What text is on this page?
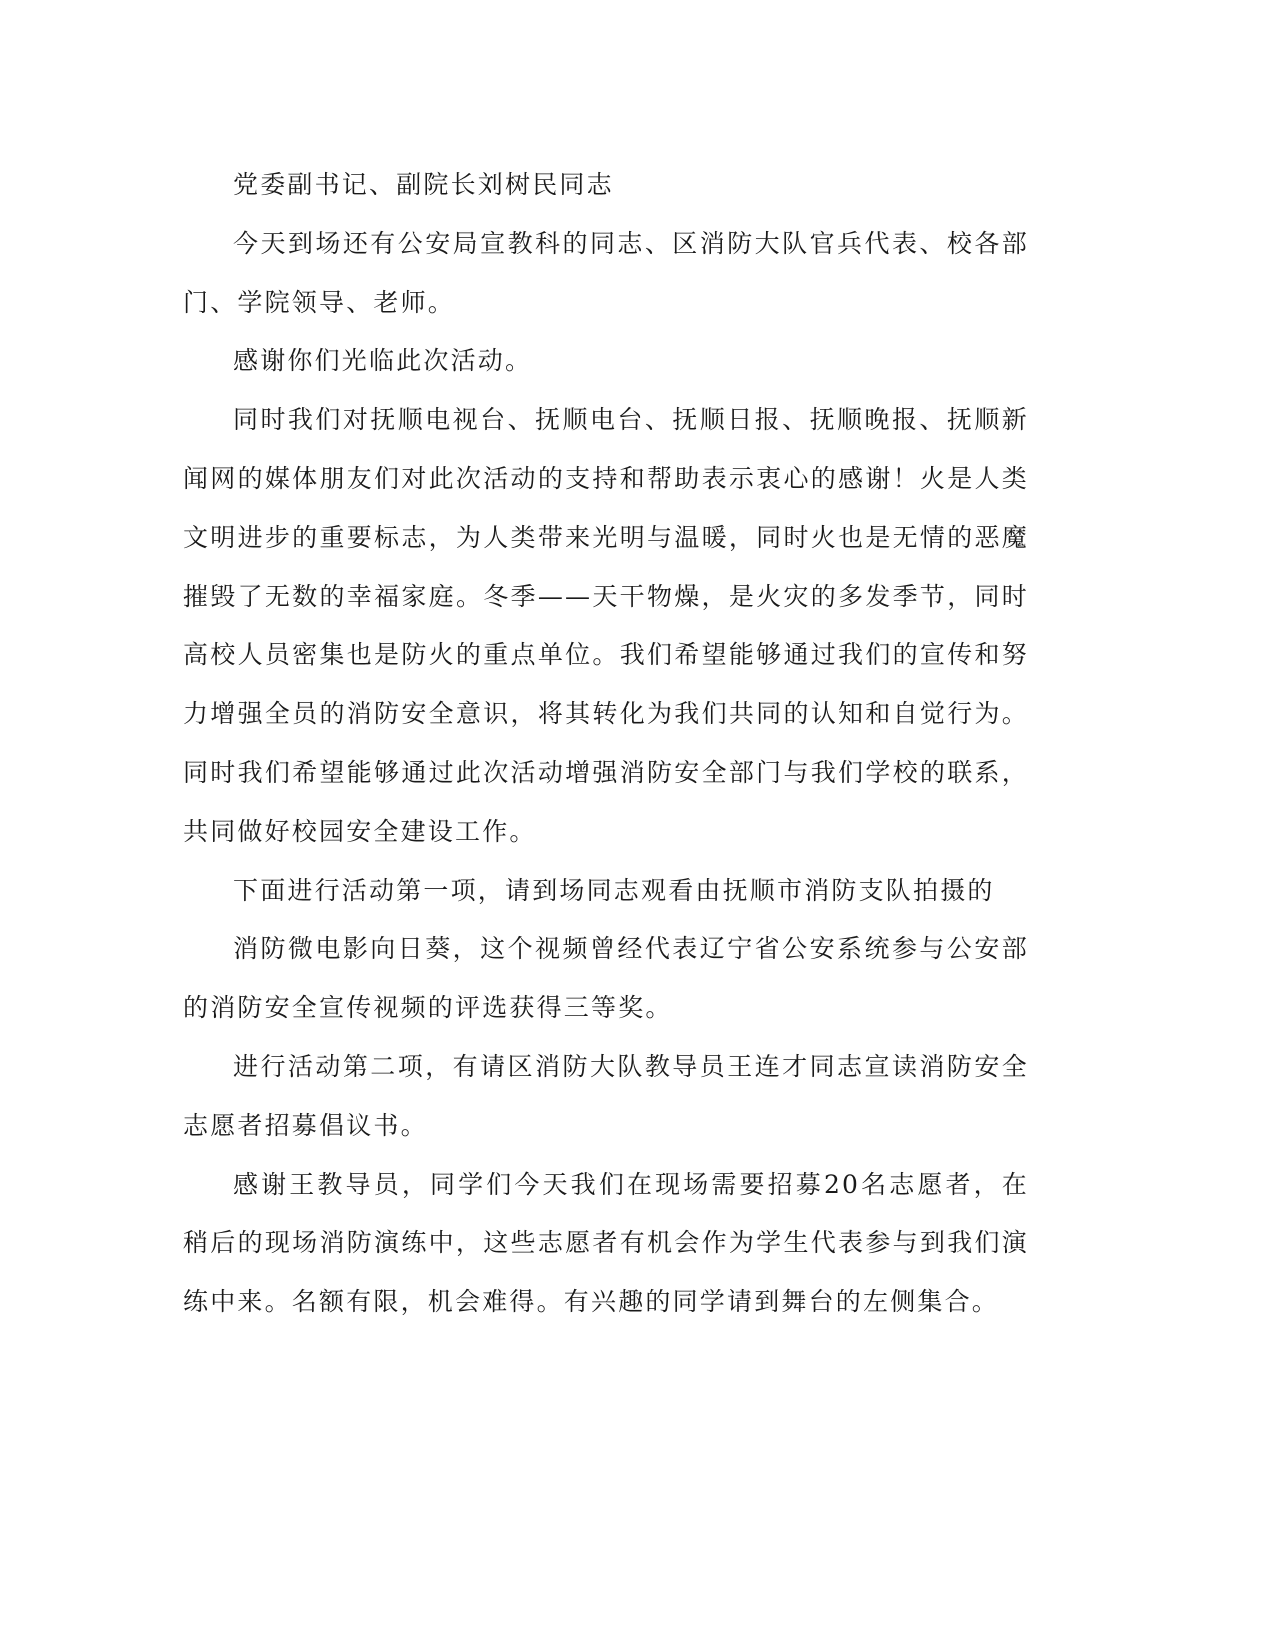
党委副书记、副院长刘树民同志

今天到场还有公安局宣教科的同志、区消防大队官兵代表、校各部门、学院领导、老师。

感谢你们光临此次活动。

同时我们对抚顺电视台、抚顺电台、抚顺日报、抚顺晚报、抚顺新闻网的媒体朋友们对此次活动的支持和帮助表示衷心的感谢！火是人类文明进步的重要标志，为人类带来光明与温暖，同时火也是无情的恶魔摧毁了无数的幸福家庭。冬季——天干物燥，是火灾的多发季节，同时高校人员密集也是防火的重点单位。我们希望能够通过我们的宣传和努力增强全员的消防安全意识，将其转化为我们共同的认知和自觉行为。同时我们希望能够通过此次活动增强消防安全部门与我们学校的联系，共同做好校园安全建设工作。

下面进行活动第一项，请到场同志观看由抚顺市消防支队拍摄的

消防微电影向日葵，这个视频曾经代表辽宁省公安系统参与公安部的消防安全宣传视频的评选获得三等奖。

进行活动第二项，有请区消防大队教导员王连才同志宣读消防安全志愿者招募倡议书。

感谢王教导员，同学们今天我们在现场需要招募20名志愿者，在稍后的现场消防演练中，这些志愿者有机会作为学生代表参与到我们演练中来。名额有限，机会难得。有兴趣的同学请到舞台的左侧集合。
